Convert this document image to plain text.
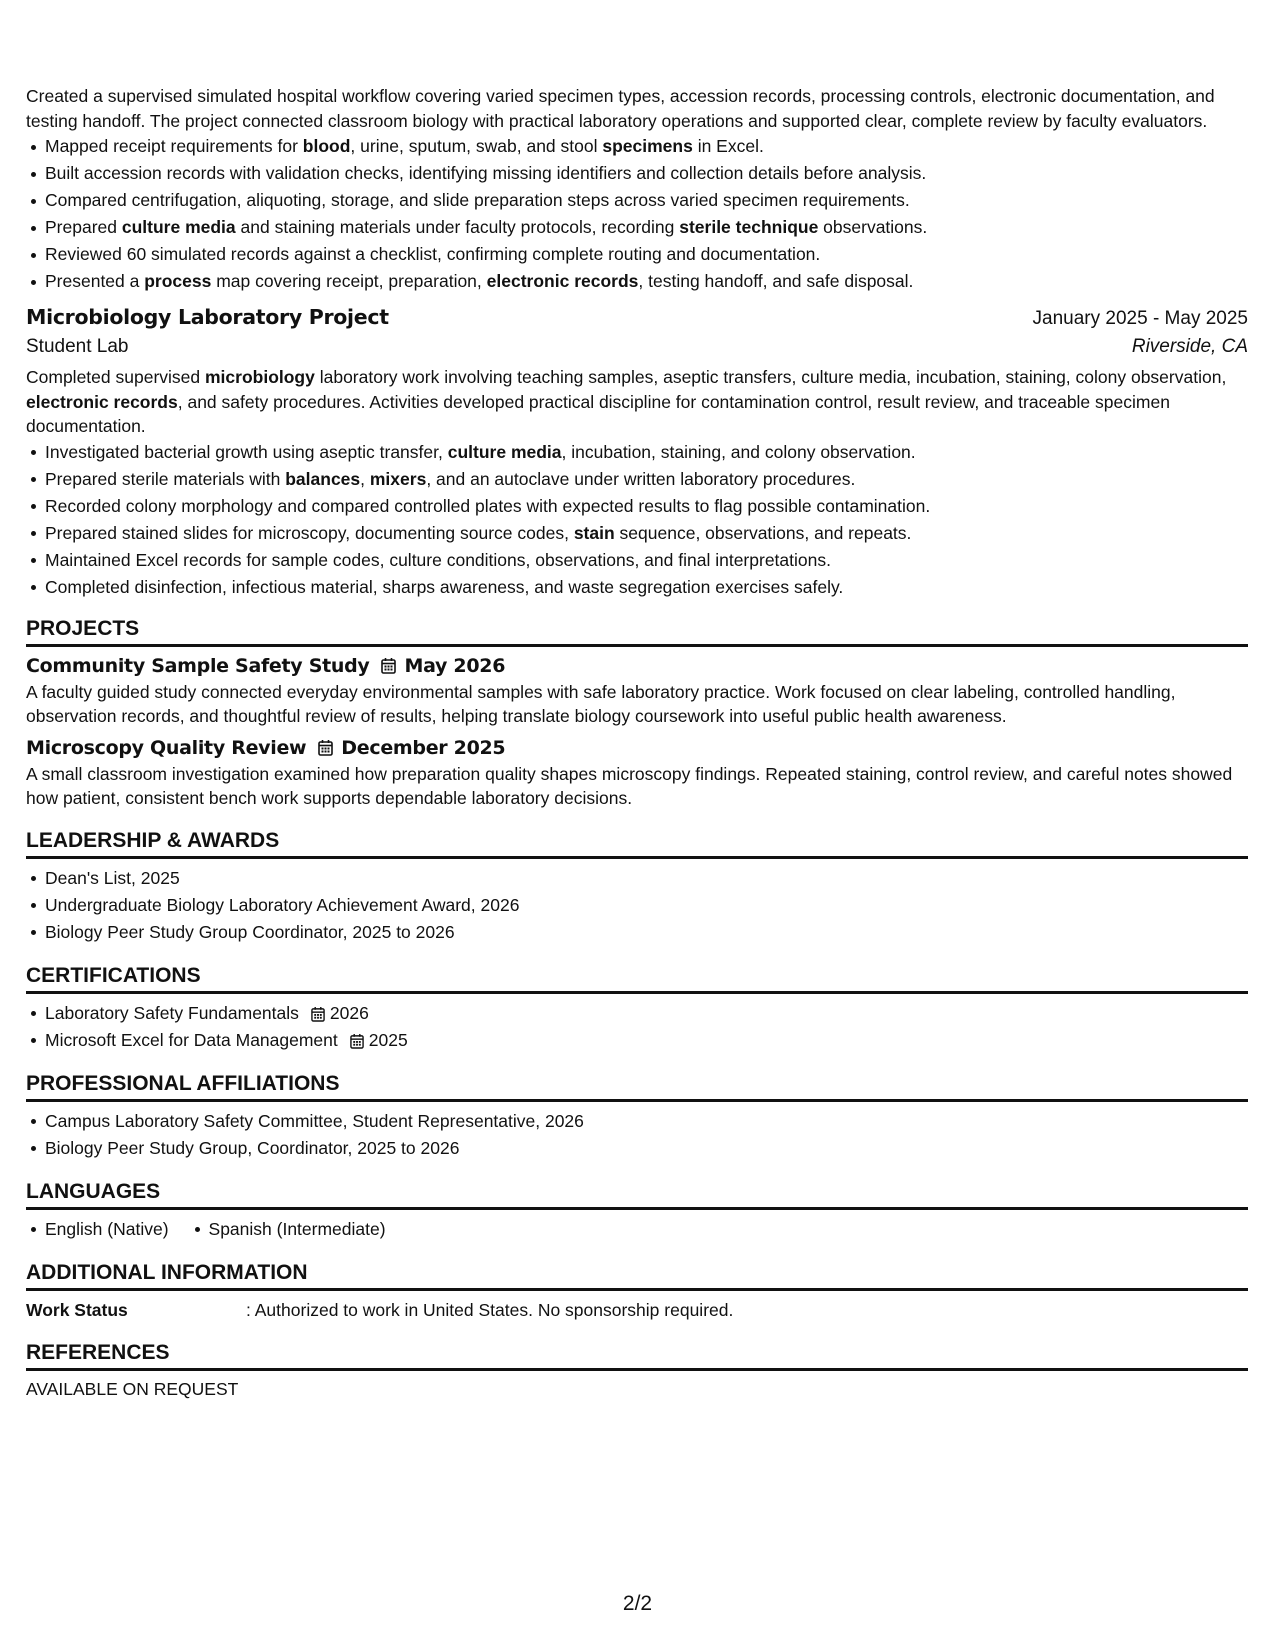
Created a supervised simulated hospital workflow covering varied specimen types, accession records, processing controls, electronic documentation, and testing handoff. The project connected classroom biology with practical laboratory operations and supported clear, complete review by faculty evaluators.

Mapped receipt requirements for blood, urine, sputum, swab, and stool specimens in Excel.
Built accession records with validation checks, identifying missing identifiers and collection details before analysis.
Compared centrifugation, aliquoting, storage, and slide preparation steps across varied specimen requirements.
Prepared culture media and staining materials under faculty protocols, recording sterile technique observations.
Reviewed 60 simulated records against a checklist, confirming complete routing and documentation.
Presented a process map covering receipt, preparation, electronic records, testing handoff, and safe disposal.
Microbiology Laboratory Project	January 2025 - May 2025
Student Lab	Riverside, CA

Completed supervised microbiology laboratory work involving teaching samples, aseptic transfers, culture media, incubation, staining, colony observation, electronic records, and safety procedures. Activities developed practical discipline for contamination control, result review, and traceable specimen documentation.

Investigated bacterial growth using aseptic transfer, culture media, incubation, staining, and colony observation.
Prepared sterile materials with balances, mixers, and an autoclave under written laboratory procedures.
Recorded colony morphology and compared controlled plates with expected results to flag possible contamination.
Prepared stained slides for microscopy, documenting source codes, stain sequence, observations, and repeats.
Maintained Excel records for sample codes, culture conditions, observations, and final interpretations.
Completed disinfection, infectious material, sharps awareness, and waste segregation exercises safely.
PROJECTS
Community Sample Safety Study May 2026

A faculty guided study connected everyday environmental samples with safe laboratory practice. Work focused on clear labeling, controlled handling, observation records, and thoughtful review of results, helping translate biology coursework into useful public health awareness.

Microscopy Quality Review December 2025

A small classroom investigation examined how preparation quality shapes microscopy findings. Repeated staining, control review, and careful notes showed how patient, consistent bench work supports dependable laboratory decisions.

LEADERSHIP & AWARDS
Dean's List, 2025
Undergraduate Biology Laboratory Achievement Award, 2026
Biology Peer Study Group Coordinator, 2025 to 2026
CERTIFICATIONS
Laboratory Safety Fundamentals 2026
Microsoft Excel for Data Management 2025
PROFESSIONAL AFFILIATIONS
Campus Laboratory Safety Committee, Student Representative, 2026
Biology Peer Study Group, Coordinator, 2025 to 2026
LANGUAGES
English (Native) Spanish (Intermediate)
ADDITIONAL INFORMATION
Work Status	: Authorized to work in United States. No sponsorship required.
REFERENCES

AVAILABLE ON REQUEST

2/2
